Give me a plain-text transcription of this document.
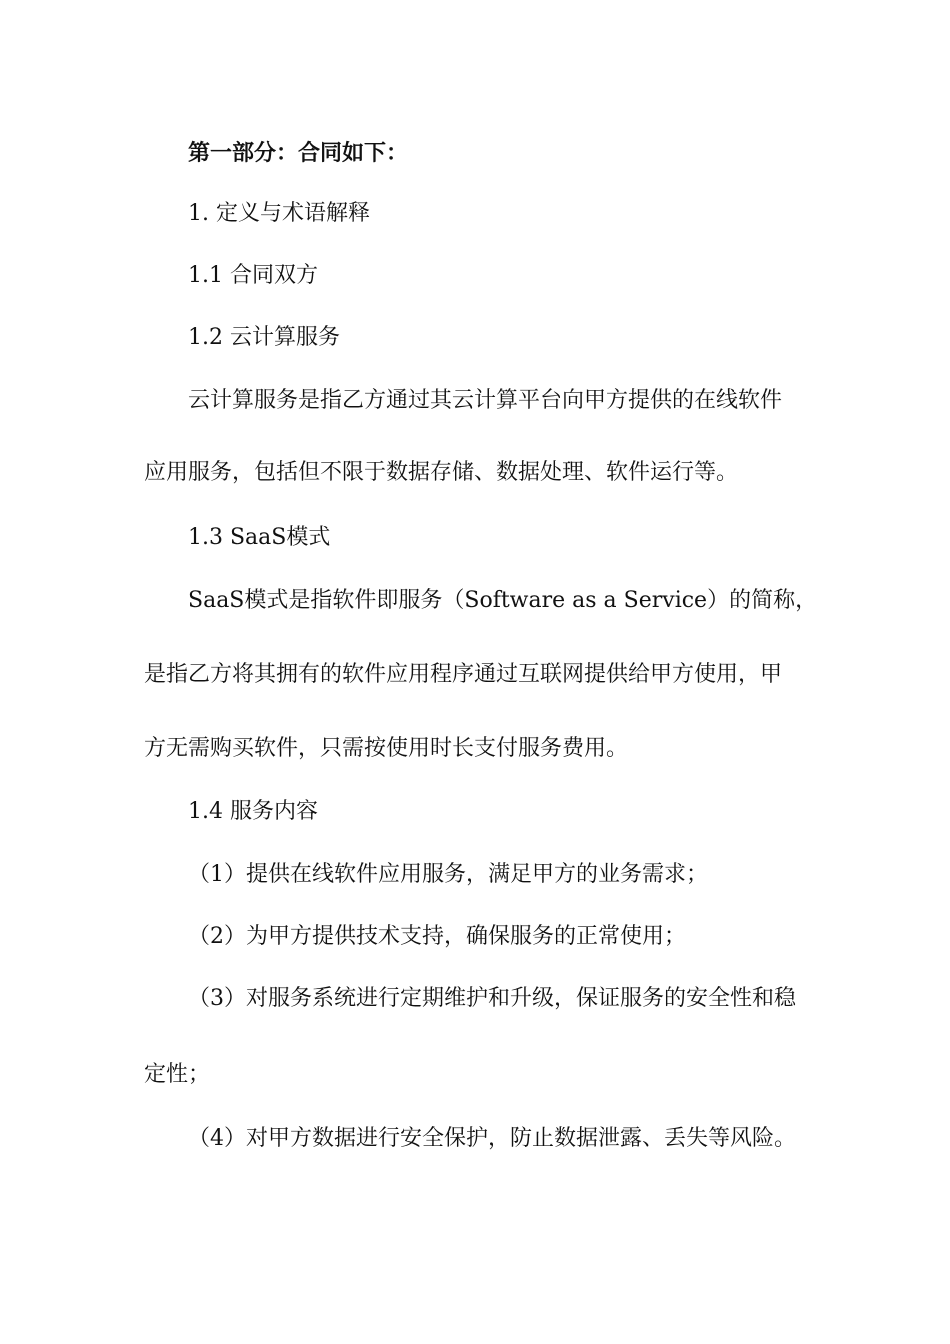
第一部分：合同如下：
1. 定义与术语解释
1.1 合同双方
1.2 云计算服务
云计算服务是指乙方通过其云计算平台向甲方提供的在线软件
应用服务，包括但不限于数据存储、数据处理、软件运行等。
1.3 SaaS模式
SaaS模式是指软件即服务（Software as a Service）的简称，
是指乙方将其拥有的软件应用程序通过互联网提供给甲方使用，甲
方无需购买软件，只需按使用时长支付服务费用。
1.4 服务内容
（1）提供在线软件应用服务，满足甲方的业务需求；
（2）为甲方提供技术支持，确保服务的正常使用；
（3）对服务系统进行定期维护和升级，保证服务的安全性和稳
定性；
（4）对甲方数据进行安全保护，防止数据泄露、丢失等风险。
